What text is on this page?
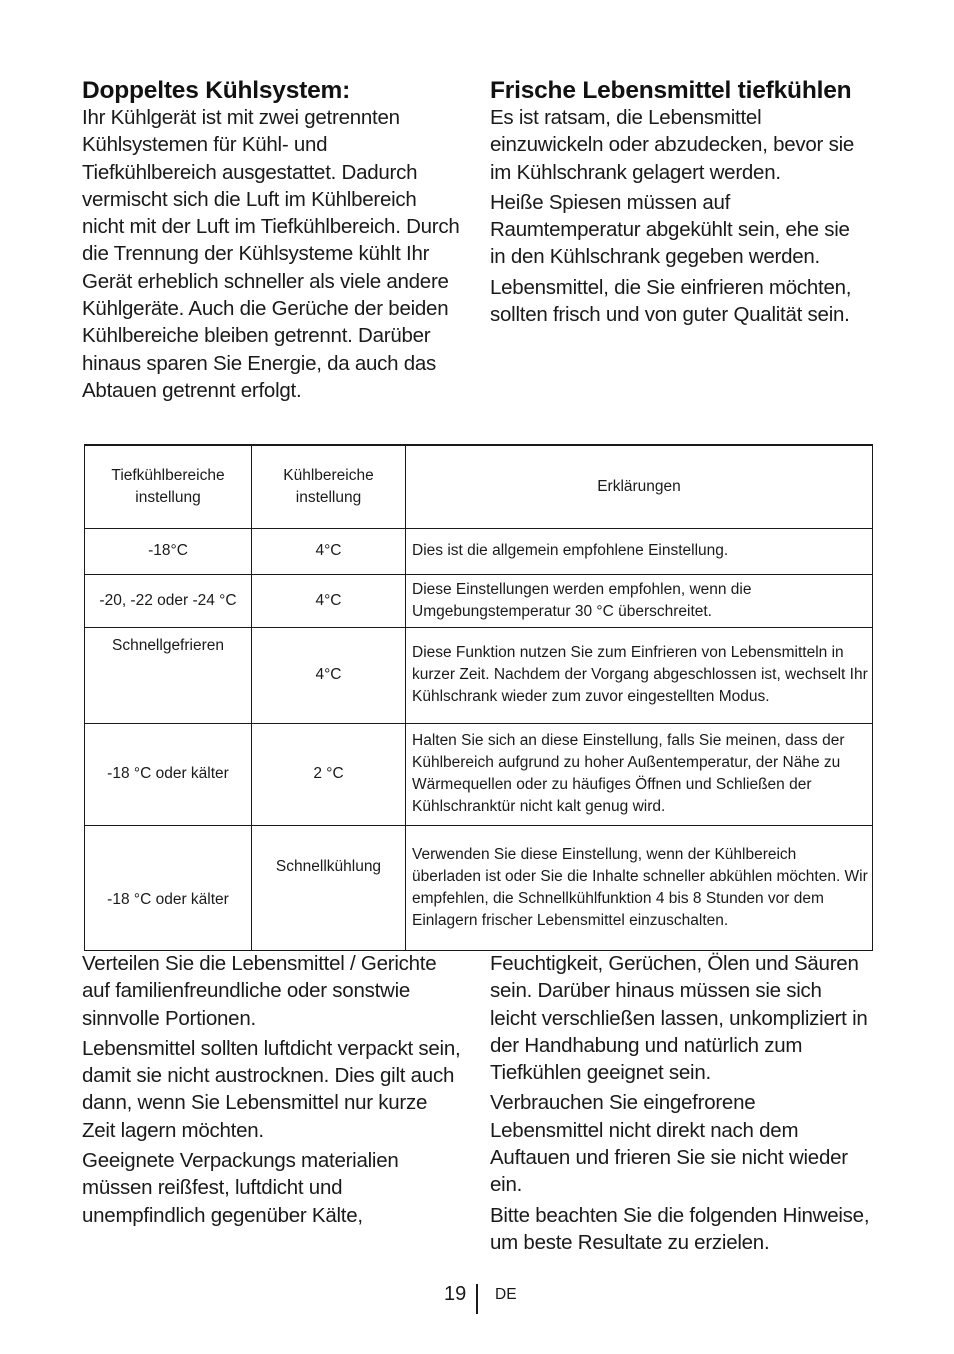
Doppeltes Kühlsystem:

Ihr Kühlgerät ist mit zwei getrennten Kühlsystemen für Kühl- und Tiefkühlbereich ausgestattet. Dadurch vermischt sich die Luft im Kühlbereich nicht mit der Luft im Tiefkühlbereich. Durch die Trennung der Kühlsysteme kühlt Ihr Gerät erheblich schneller als viele andere Kühlgeräte. Auch die Gerüche der beiden Kühlbereiche bleiben getrennt. Darüber hinaus sparen Sie Energie, da auch das Abtauen getrennt erfolgt.

Frische Lebensmittel tiefkühlen

Es ist ratsam, die Lebensmittel einzuwickeln oder abzudecken, bevor sie im Kühlschrank gelagert werden.

Heiße Spiesen müssen auf Raumtemperatur abgekühlt sein, ehe sie in den Kühlschrank gegeben werden.

Lebensmittel, die Sie einfrieren möchten, sollten frisch und von guter Qualität sein.

Tiefkühlbereiche instellung	Kühlbereiche instellung	Erklärungen
-18°C	4°C	Dies ist die allgemein empfohlene Einstellung.
-20, -22 oder -24 °C	4°C	Diese Einstellungen werden empfohlen, wenn die Umgebungstemperatur 30 °C überschreitet.
Schnellgefrieren	4°C	Diese Funktion nutzen Sie zum Einfrieren von Lebensmitteln in kurzer Zeit. Nachdem der Vorgang abgeschlossen ist, wechselt Ihr Kühlschrank wieder zum zuvor eingestellten Modus.
-18 °C oder kälter	2 °C	Halten Sie sich an diese Einstellung, falls Sie meinen, dass der Kühlbereich aufgrund zu hoher Außentemperatur, der Nähe zu Wärmequellen oder zu häufiges Öffnen und Schließen der Kühlschranktür nicht kalt genug wird.
-18 °C oder kälter	Schnellkühlung	Verwenden Sie diese Einstellung, wenn der Kühlbereich überladen ist oder Sie die Inhalte schneller abkühlen möchten. Wir empfehlen, die Schnellkühlfunktion 4 bis 8 Stunden vor dem Einlagern frischer Lebensmittel einzuschalten.

Verteilen Sie die Lebensmittel / Gerichte auf familienfreundliche oder sonstwie sinnvolle Portionen.

Lebensmittel sollten luftdicht verpackt sein, damit sie nicht austrocknen. Dies gilt auch dann, wenn Sie Lebensmittel nur kurze Zeit lagern möchten.

Geeignete Verpackungs materialien müssen reißfest, luftdicht und unempfindlich gegenüber Kälte,

Feuchtigkeit, Gerüchen, Ölen und Säuren sein. Darüber hinaus müssen sie sich leicht verschließen lassen, unkompliziert in der Handhabung und natürlich zum Tiefkühlen geeignet sein.

Verbrauchen Sie eingefrorene Lebensmittel nicht direkt nach dem Auftauen und frieren Sie sie nicht wieder ein.

Bitte beachten Sie die folgenden Hinweise, um beste Resultate zu erzielen.

19 DE
